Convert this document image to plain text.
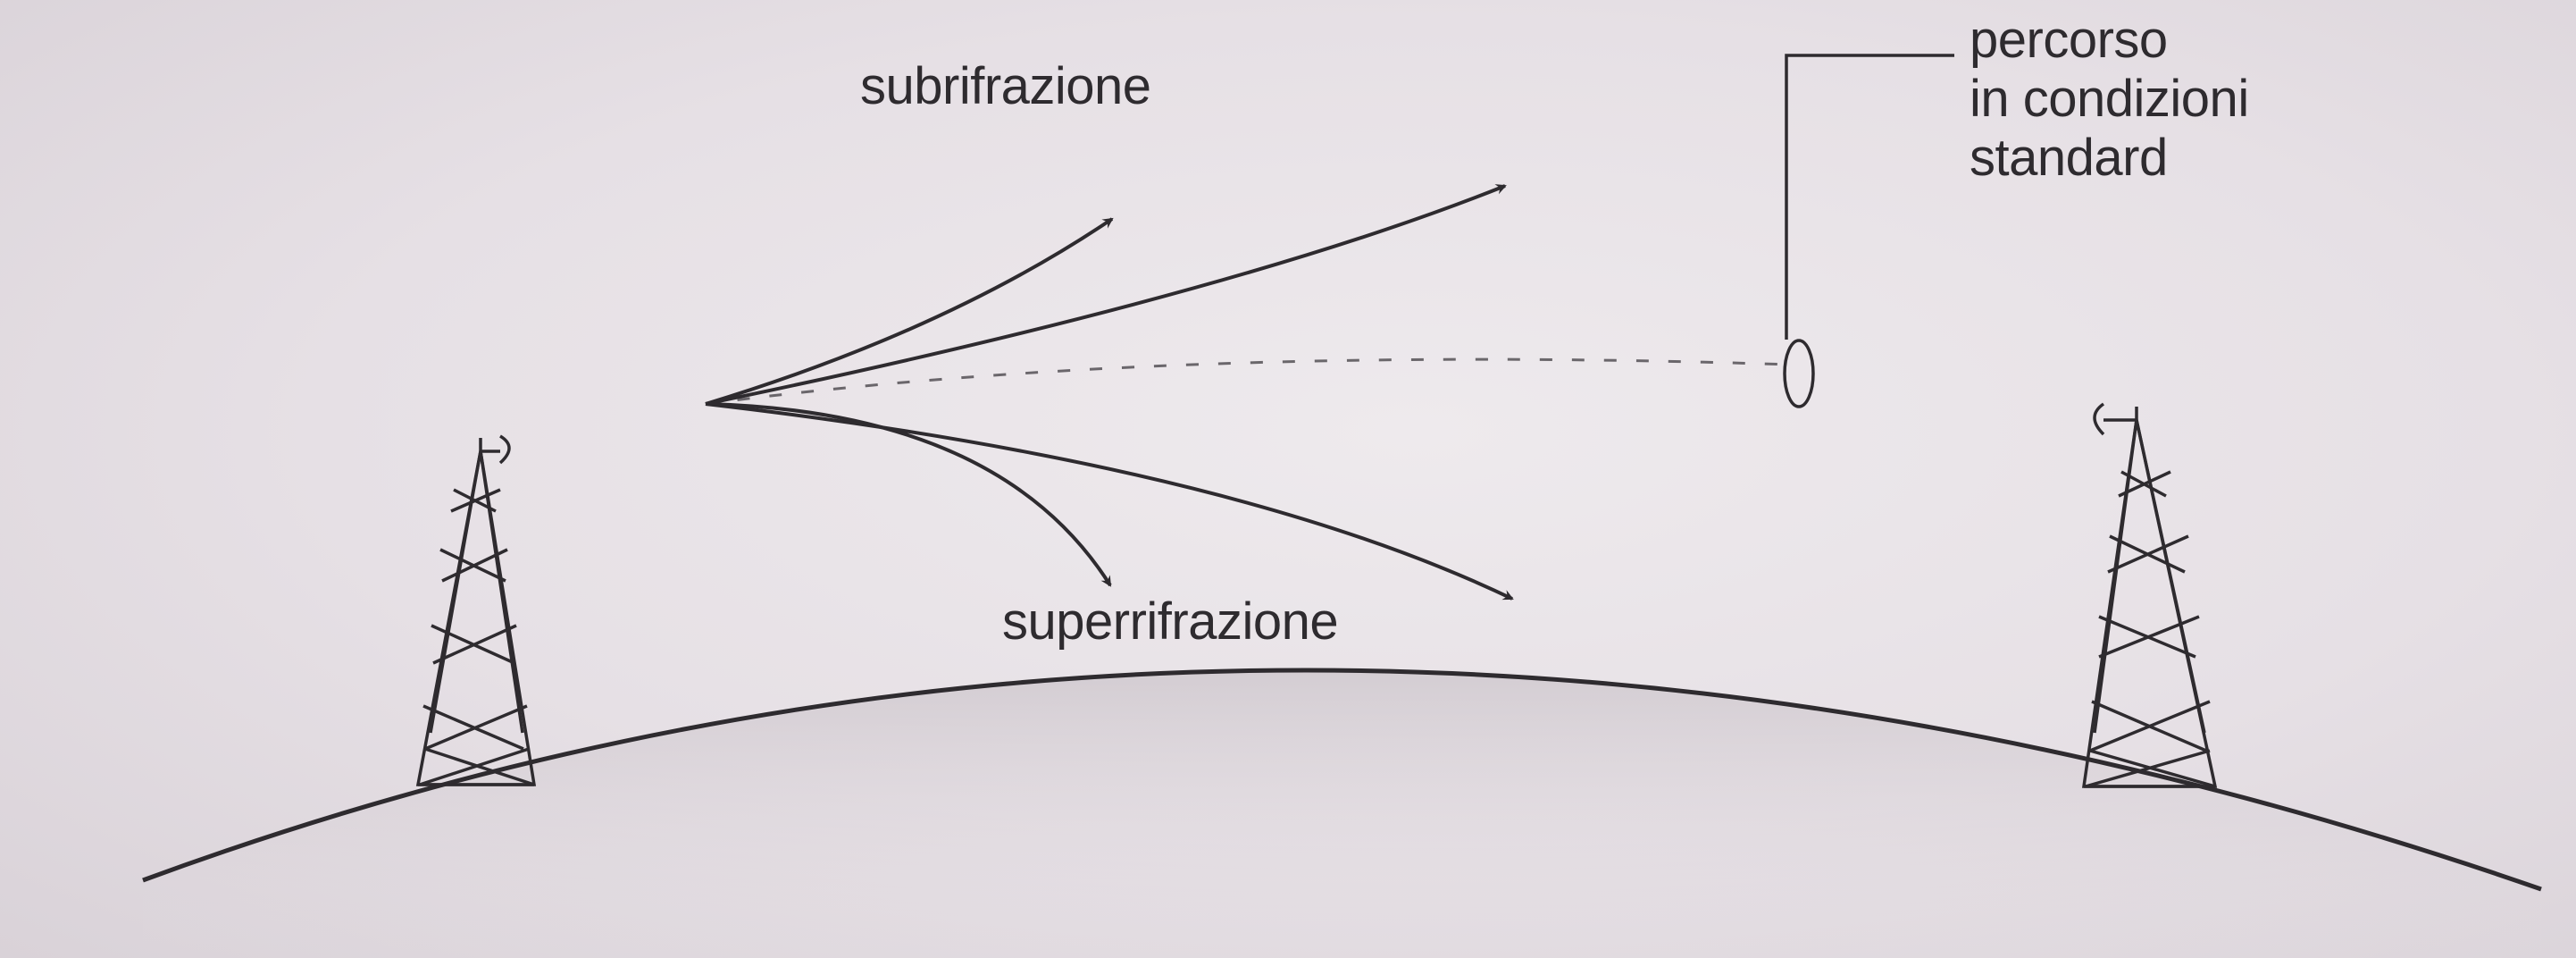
subrifrazione
superrifrazione
percorso
in condizioni
standard
